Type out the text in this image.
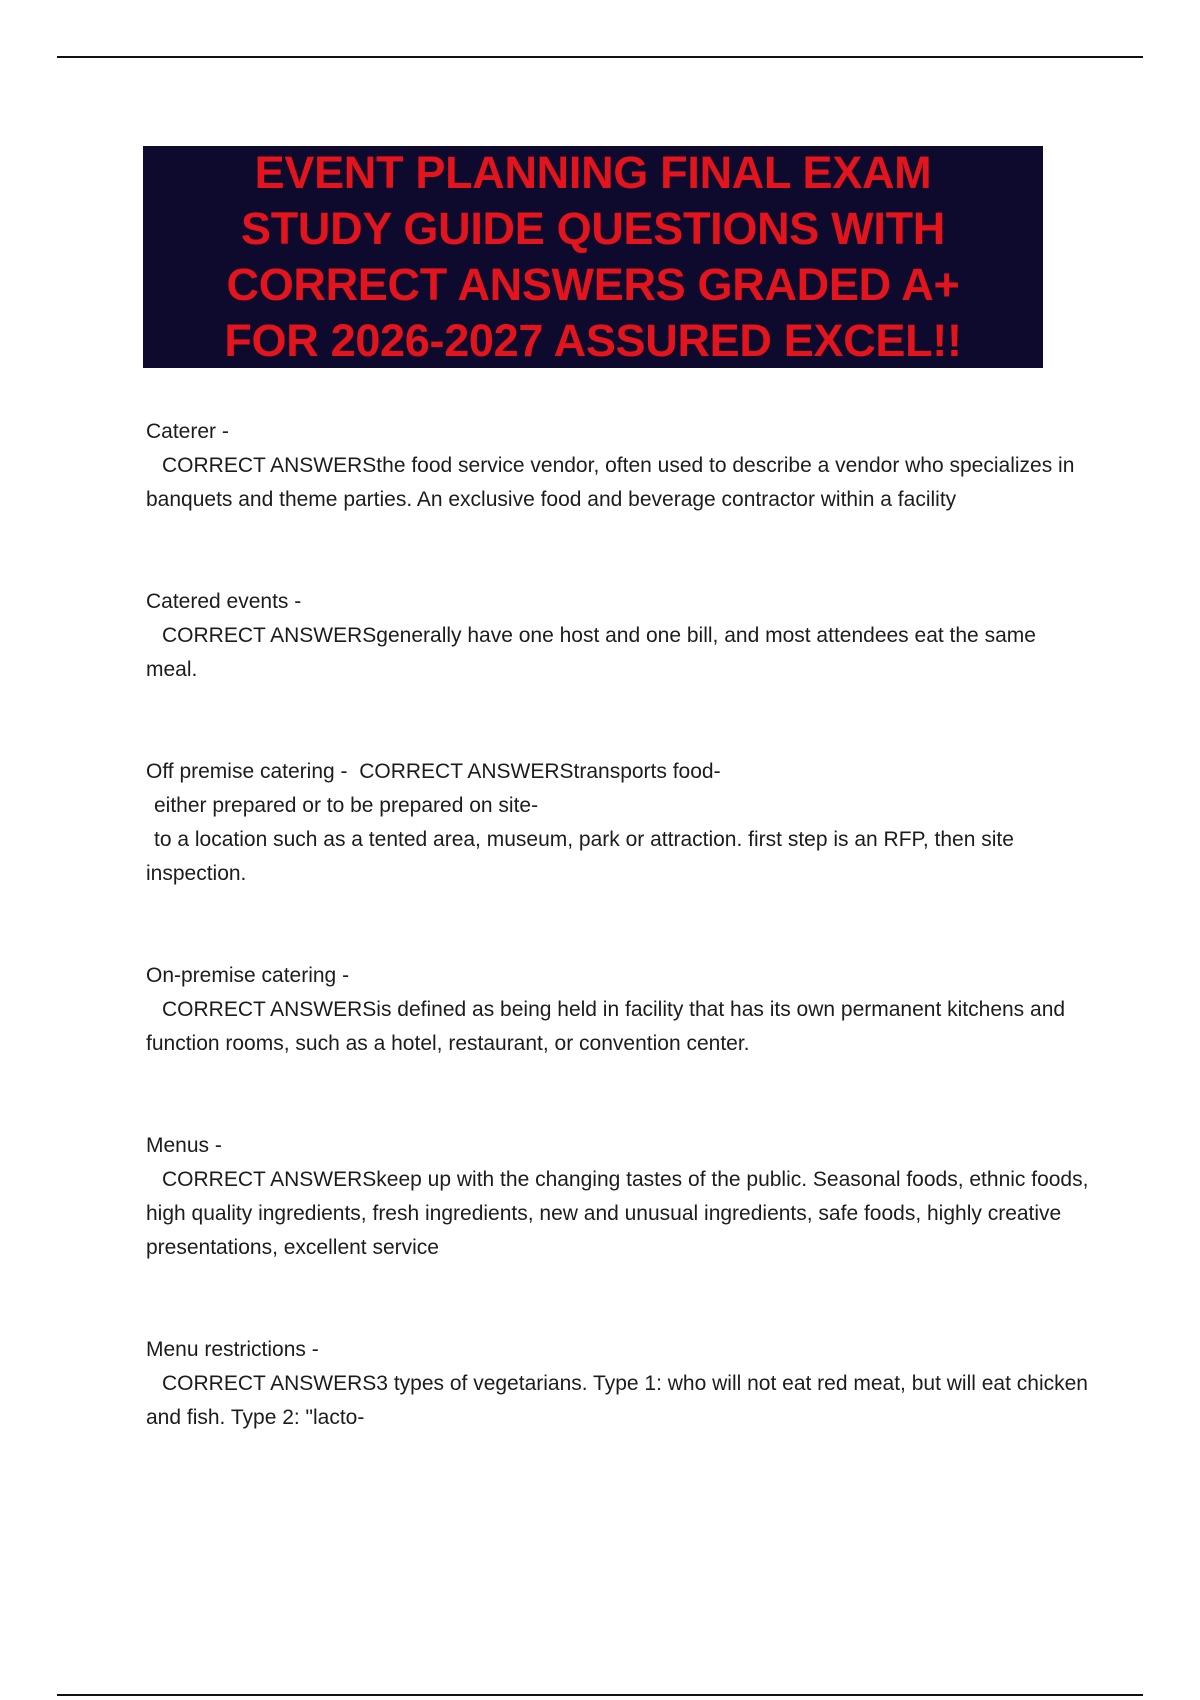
EVENT PLANNING FINAL EXAM
STUDY GUIDE QUESTIONS WITH
CORRECT ANSWERS GRADED A+
FOR 2026-2027 ASSURED EXCEL!!
Caterer -
CORRECT ANSWERSthe food service vendor, often used to describe a vendor who specializes in banquets and theme parties. An exclusive food and beverage contractor within a facility
Catered events -
CORRECT ANSWERSgenerally have one host and one bill, and most attendees eat the same meal.
Off premise catering - CORRECT ANSWERStransports food-
either prepared or to be prepared on site-
to a location such as a tented area, museum, park or attraction. first step is an RFP, then site inspection.
On-premise catering -
CORRECT ANSWERSis defined as being held in facility that has its own permanent kitchens and function rooms, such as a hotel, restaurant, or convention center.
Menus -
CORRECT ANSWERSkeep up with the changing tastes of the public. Seasonal foods, ethnic foods, high quality ingredients, fresh ingredients, new and unusual ingredients, safe foods, highly creative presentations, excellent service
Menu restrictions -
CORRECT ANSWERS3 types of vegetarians. Type 1: who will not eat red meat, but will eat chicken and fish. Type 2: "lacto-
